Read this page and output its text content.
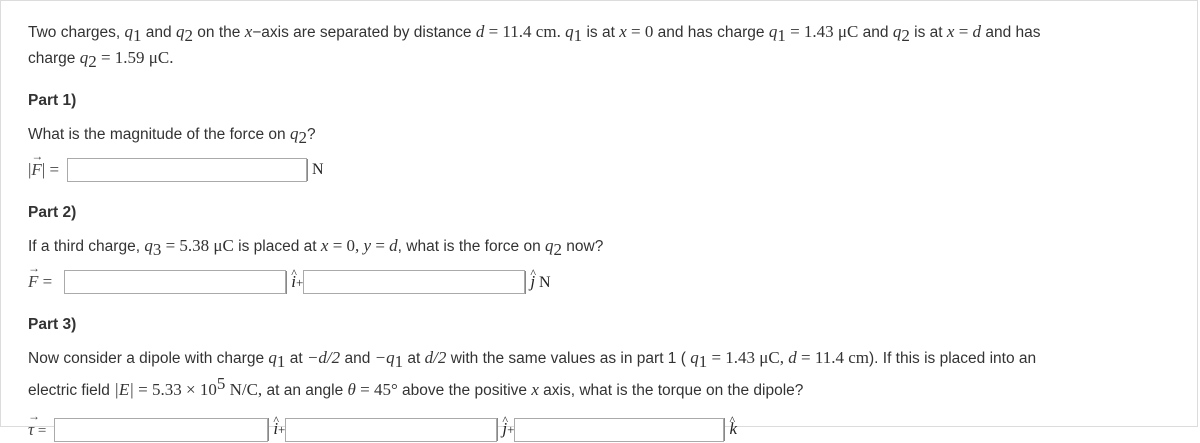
Two charges, $q_1$ and $q_2$ on the x−axis are separated by distance d = 11.4 cm. $q_1$ is at x = 0 and has charge $q_1 = 1.43$ μC and $q_2$ is at x = d and has
charge $q_2 = 1.59$ μC.
Part 1)
What is the magnitude of the force on $q_2$?
|→ F| =	N
Part 2)
If a third charge, $q_3 = 5.38$ μC is placed at x = 0, y = d, what is the force on $q_2$ now?
→ F =	^ i+	^ j N
Part 3)
Now consider a dipole with charge $q_1$ at −d/2 and $-q_1$ at d/2 with the same values as in part 1 ( $q_1 = 1.43$ μC, d = 11.4 cm). If this is placed into an
electric field $|E| = 5.33 \times 10^5$ N/C, at an angle θ = 45° above the positive x axis, what is the torque on the dipole?
→ τ =	^ i+	^ j+	^ k
